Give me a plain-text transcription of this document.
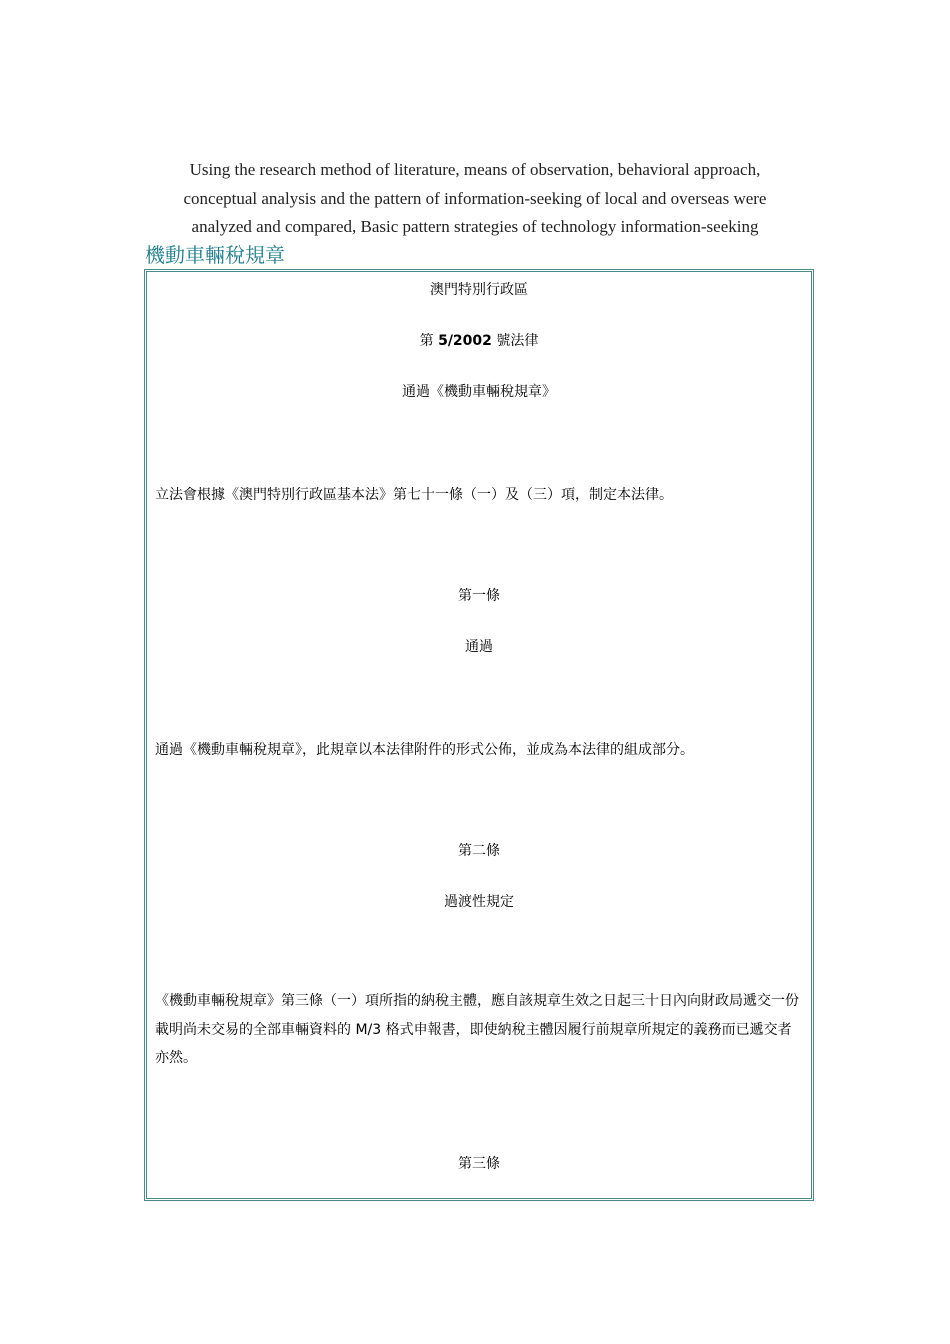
Using the research method of literature, means of observation, behavioral approach,
conceptual analysis and the pattern of information-seeking of local and overseas were
analyzed and compared, Basic pattern strategies of technology information-seeking
機動車輛稅規章
澳門特別行政區
第 5/2002 號法律
通過《機動車輛稅規章》
立法會根據《澳門特別行政區基本法》第七十一條（一）及（三）項，制定本法律。
第一條
通過
通過《機動車輛稅規章》，此規章以本法律附件的形式公佈，並成為本法律的組成部分。
第二條
過渡性規定
《機動車輛稅規章》第三條（一）項所指的納稅主體，應自該規章生效之日起三十日內向財政局遞交一份載明尚未交易的全部車輛資料的 M/3 格式申報書，即使納稅主體因履行前規章所規定的義務而已遞交者亦然。
第三條
